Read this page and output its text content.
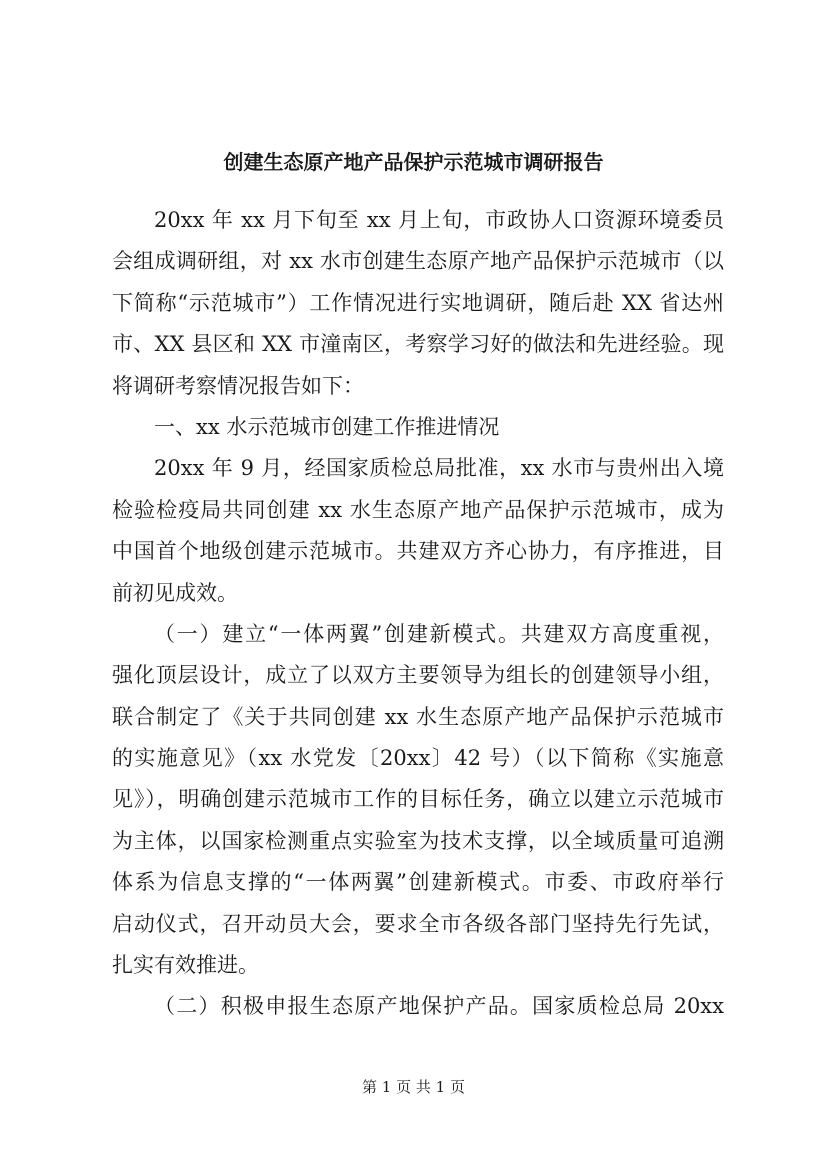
创建生态原产地产品保护示范城市调研报告
20xx 年 xx 月下旬至 xx 月上旬，市政协人口资源环境委员
会组成调研组，对 xx 水市创建生态原产地产品保护示范城市（以
下简称“示范城市”）工作情况进行实地调研，随后赴 XX 省达州
市、XX 县区和 XX 市潼南区，考察学习好的做法和先进经验。现
将调研考察情况报告如下：
一、xx 水示范城市创建工作推进情况
20xx 年 9 月，经国家质检总局批准，xx 水市与贵州出入境
检验检疫局共同创建 xx 水生态原产地产品保护示范城市，成为
中国首个地级创建示范城市。共建双方齐心协力，有序推进，目
前初见成效。
（一）建立“一体两翼”创建新模式。共建双方高度重视，
强化顶层设计，成立了以双方主要领导为组长的创建领导小组，
联合制定了《关于共同创建 xx 水生态原产地产品保护示范城市
的实施意见》（xx 水党发〔20xx〕42 号）（以下简称《实施意
见》），明确创建示范城市工作的目标任务，确立以建立示范城市
为主体，以国家检测重点实验室为技术支撑，以全域质量可追溯
体系为信息支撑的“一体两翼”创建新模式。市委、市政府举行
启动仪式，召开动员大会，要求全市各级各部门坚持先行先试，
扎实有效推进。
（二）积极申报生态原产地保护产品。国家质检总局 20xx
第 1 页 共 1 页
